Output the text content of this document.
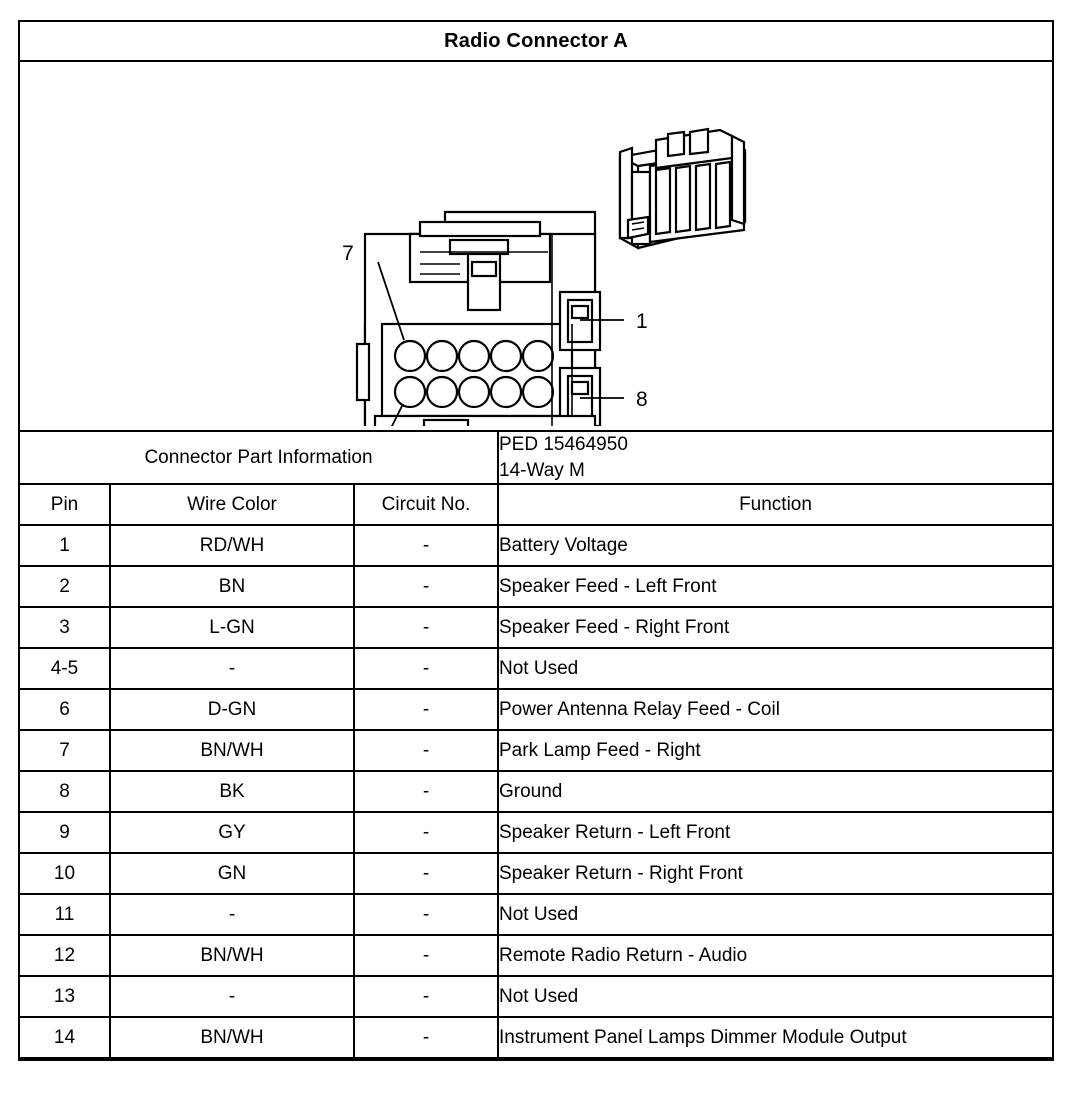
Radio Connector A
7
1
8
Connector Part Information			PED 15464950
14-Way M

Pin	Wire Color	Circuit No.	Function
1	RD/WH	-	Battery Voltage
2	BN	-	Speaker Feed - Left Front
3	L-GN	-	Speaker Feed - Right Front
4-5	-	-	Not Used
6	D-GN	-	Power Antenna Relay Feed - Coil
7	BN/WH	-	Park Lamp Feed - Right
8	BK	-	Ground
9	GY	-	Speaker Return - Left Front
10	GN	-	Speaker Return - Right Front
11	-	-	Not Used
12	BN/WH	-	Remote Radio Return - Audio
13	-	-	Not Used
14	BN/WH	-	Instrument Panel Lamps Dimmer Module Output
